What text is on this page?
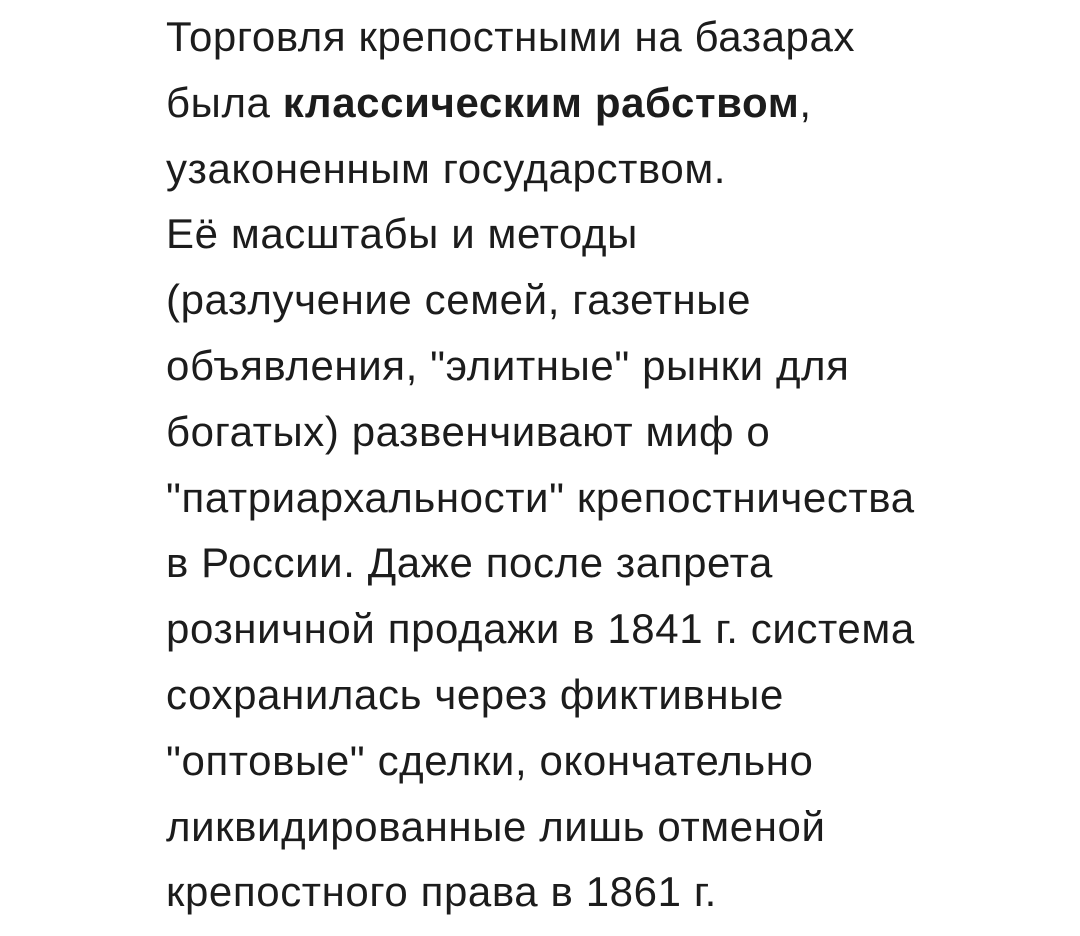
Торговля крепостными на базарах
была классическим рабством,
узаконенным государством.
Её масштабы и методы
(разлучение семей, газетные
объявления, "элитные" рынки для
богатых) развенчивают миф о
"патриархальности" крепостничества
в России. Даже после запрета
розничной продажи в 1841 г. система
сохранилась через фиктивные
"оптовые" сделки, окончательно
ликвидированные лишь отменой
крепостного права в 1861 г.
